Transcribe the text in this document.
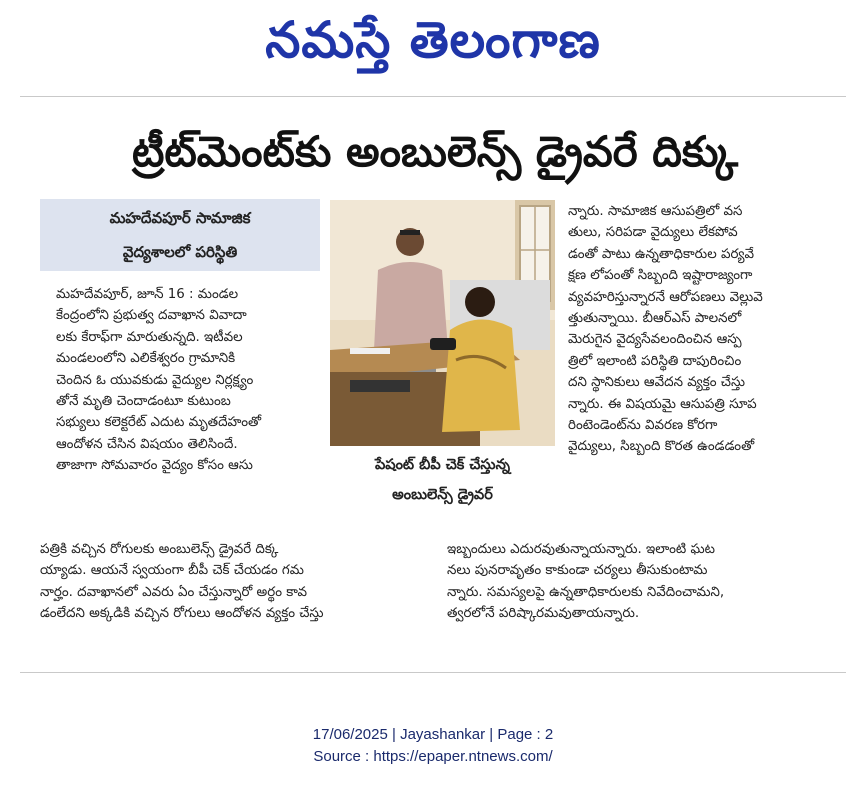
నమస్తే తెలంగాణ
ట్రీట్‌మెంట్‌కు అంబులెన్స్ డ్రైవరే దిక్కు
మహదేవపూర్ సామాజిక
వైద్యశాలలో పరిస్థితి
మహదేవపూర్, జూన్ 16 : మండల
కేంద్రంలోని ప్రభుత్వ దవాఖాన వివాదా
లకు కేరాఫ్‌గా మారుతున్నది. ఇటీవల
మండలంలోని ఎలికేశ్వరం గ్రామానికి
చెందిన ఓ యువకుడు వైద్యుల నిర్లక్ష్యం
తోనే మృతి చెందాడంటూ కుటుంబ
సభ్యులు కలెక్టరేట్ ఎదుట మృతదేహంతో
ఆందోళన చేసిన విషయం తెలిసిందే.
తాజాగా సోమవారం వైద్యం కోసం ఆసు	పేషంట్ బీపీ చెక్ చేస్తున్న
అంబులెన్స్ డ్రైవర్
పత్రికి వచ్చిన రోగులకు అంబులెన్స్ డ్రైవరే దిక్క
య్యాడు. ఆయనే స్వయంగా బీపీ చెక్ చేయడం గమ
నార్హం. దవాఖానలో ఎవరు ఏం చేస్తున్నారో అర్థం కావ
డంలేదని అక్కడికి వచ్చిన రోగులు ఆందోళన వ్యక్తం చేస్తు
న్నారు. సామాజిక ఆసుపత్రిలో వస
తులు, సరిపడా వైద్యులు లేకపోవ
డంతో పాటు ఉన్నతాధికారుల పర్యవే
క్షణ లోపంతో సిబ్బంది ఇష్టారాజ్యంగా
వ్యవహరిస్తున్నారనే ఆరోపణలు వెల్లువె
త్తుతున్నాయి. బీఆర్ఎస్ పాలనలో
మెరుగైన వైద్యసేవలందించిన ఆస్ప
త్రిలో ఇలాంటి పరిస్థితి దాపురించిం
దని స్థానికులు ఆవేదన వ్యక్తం చేస్తు
న్నారు. ఈ విషయమై ఆసుపత్రి సూప
రింటెండెంట్‌ను వివరణ కోరగా
వైద్యులు, సిబ్బంది కొరత ఉండడంతో
ఇబ్బందులు ఎదురవుతున్నాయన్నారు. ఇలాంటి ఘట
నలు పునరావృతం కాకుండా చర్యలు తీసుకుంటామ
న్నారు. సమస్యలపై ఉన్నతాధికారులకు నివేదించామని,
త్వరలోనే పరిష్కారమవుతాయన్నారు.
17/06/2025 | Jayashankar | Page : 2
Source : https://epaper.ntnews.com/
